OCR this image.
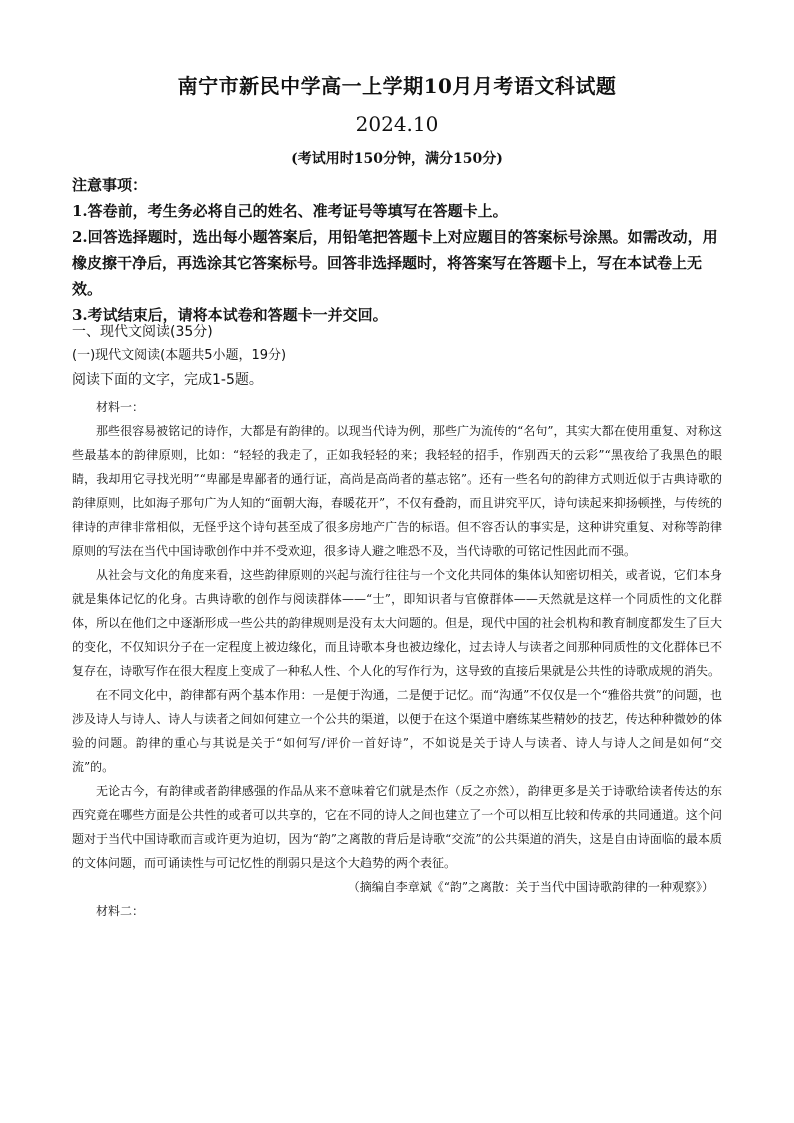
南宁市新民中学高一上学期10月月考语文科试题
2024.10
(考试用时150分钟，满分150分)

注意事项：

1.答卷前，考生务必将自己的姓名、准考证号等填写在答题卡上。

2.回答选择题时，选出每小题答案后，用铅笔把答题卡上对应题目的答案标号涂黑。如需改动，用橡皮擦干净后，再选涂其它答案标号。回答非选择题时，将答案写在答题卡上，写在本试卷上无效。

3.考试结束后，请将本试卷和答题卡一并交回。

一、现代文阅读(35分)

(一)现代文阅读(本题共5小题，19分)

阅读下面的文字，完成1-5题。

材料一：

那些很容易被铭记的诗作，大都是有韵律的。以现当代诗为例，那些广为流传的“名句”，其实大都在使用重复、对称这些最基本的韵律原则，比如：“轻轻的我走了，正如我轻轻的来；我轻轻的招手，作别西天的云彩”“黑夜给了我黑色的眼睛，我却用它寻找光明”“卑鄙是卑鄙者的通行证，高尚是高尚者的墓志铭”。还有一些名句的韵律方式则近似于古典诗歌的韵律原则，比如海子那句广为人知的“面朝大海，春暖花开”，不仅有叠韵，而且讲究平仄，诗句读起来抑扬顿挫，与传统的律诗的声律非常相似，无怪乎这个诗句甚至成了很多房地产广告的标语。但不容否认的事实是，这种讲究重复、对称等韵律原则的写法在当代中国诗歌创作中并不受欢迎，很多诗人避之唯恐不及，当代诗歌的可铭记性因此而不强。

从社会与文化的角度来看，这些韵律原则的兴起与流行往往与一个文化共同体的集体认知密切相关，或者说，它们本身就是集体记忆的化身。古典诗歌的创作与阅读群体——“士”，即知识者与官僚群体——天然就是这样一个同质性的文化群体，所以在他们之中逐渐形成一些公共的韵律规则是没有太大问题的。但是，现代中国的社会机构和教育制度都发生了巨大的变化，不仅知识分子在一定程度上被边缘化，而且诗歌本身也被边缘化，过去诗人与读者之间那种同质性的文化群体已不复存在，诗歌写作在很大程度上变成了一种私人性、个人化的写作行为，这导致的直接后果就是公共性的诗歌成规的消失。

在不同文化中，韵律都有两个基本作用：一是便于沟通，二是便于记忆。而“沟通”不仅仅是一个“雅俗共赏”的问题，也涉及诗人与诗人、诗人与读者之间如何建立一个公共的渠道，以便于在这个渠道中磨练某些精妙的技艺，传达种种微妙的体验的问题。韵律的重心与其说是关于“如何写/评价一首好诗”，不如说是关于诗人与读者、诗人与诗人之间是如何“交流”的。

无论古今，有韵律或者韵律感强的作品从来不意味着它们就是杰作（反之亦然），韵律更多是关于诗歌给读者传达的东西究竟在哪些方面是公共性的或者可以共享的，它在不同的诗人之间也建立了一个可以相互比较和传承的共同通道。这个问题对于当代中国诗歌而言或许更为迫切，因为“韵”之离散的背后是诗歌“交流”的公共渠道的消失，这是自由诗面临的最本质的文体问题，而可诵读性与可记忆性的削弱只是这个大趋势的两个表征。

（摘编自李章斌《“韵”之离散：关于当代中国诗歌韵律的一种观察》）

材料二：
